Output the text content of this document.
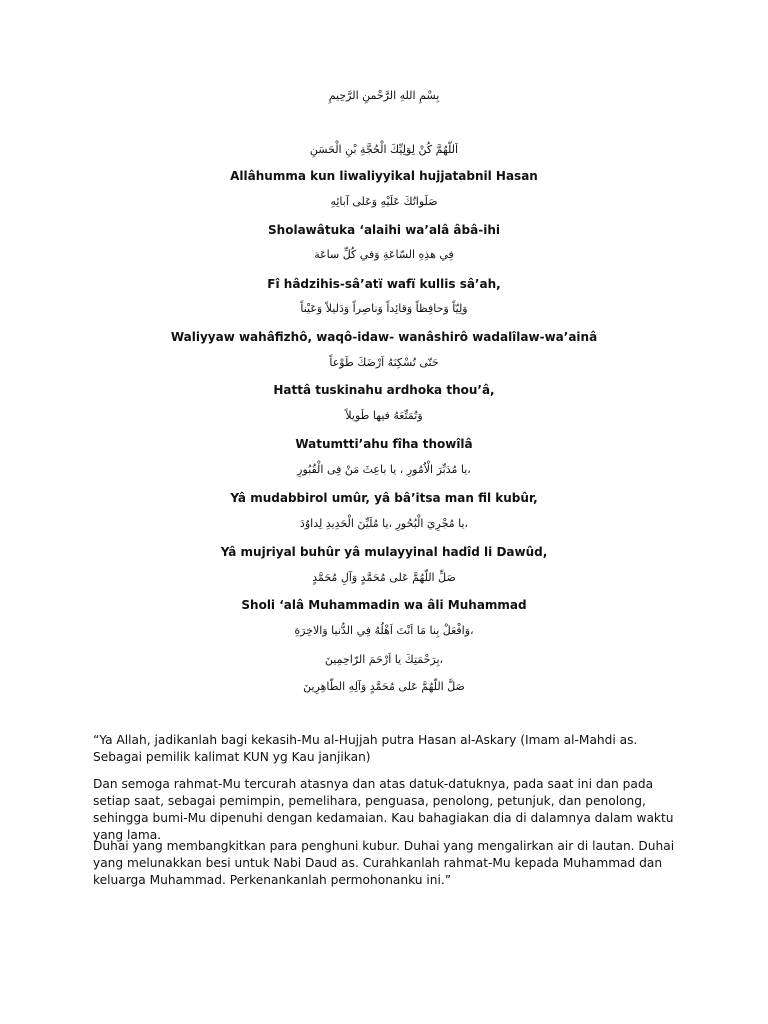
بِسْمِ اللهِ الرَّحْمنِ الرَّحِيمِ
اَللّهُمَّ كُنْ لِوَلِيِّكَ الْحُجَّةِ بْنِ الْحَسَنِ
Allâhumma kun liwaliyyikal hujjatabnil Hasan
صَلَواتُكَ عَلَيْهِ وَعَلى آبائِهِ
Sholawâtuka ‘alaihi wa’alâ âbâ-ihi
فِي هذِهِ السّاعَةِ وَفي كُلِّ ساعَة
Fî hâdzihis-sâ’atï wafï kullis sâ’ah,
وَلِيّاً وَحافِظاً وَقائِداً وَناصِراً وَدَليلاً وَعَيْناً
Waliyyaw wahâfizhô, waqô-idaw- wanâshirô wadalîlaw-wa’ainâ
حَتّى تُسْكِنَهُ اَرْضَكَ طَوْعاً
Hattâ tuskinahu ardhoka thou’â,
وَتُمَتِّعَهُ فيها طَويلاً
Watumtti’ahu fîha thowîlâ
،يا مُدَبِّرَ الْاُمُورِ ، يا باعِثَ مَنْ فِى الْقُبُورِ
Yâ mudabbirol umûr, yâ bâ’itsa man fil kubûr,
،يا مُجْرِيَ الْبُحُورِ ،يا مُلَيِّنَ الْحَدِيدِ لِداوُدَ
Yâ mujriyal buhûr yâ mulayyinal hadîd li Dawûd,
صَلِّ اللّهُمَّ عَلى مُحَمَّدٍ وَآلِ مُحَمَّدٍ
Sholi ‘alâ Muhammadin wa âli Muhammad
،وَافْعَلْ بِنا مَا اَنْتَ اَهْلُهُ فِي الدُّنيا وَالاخِرَةِ
،بِرَحْمَتِكَ يا اَرْحَمَ الرّاحِمِينَ
صَلَّ اللّهُمَّ عَلى مُحَمَّدٍ وَآلِهِ الطّاهِرِينَ

“Ya Allah, jadikanlah bagi kekasih-Mu al-Hujjah putra Hasan al-Askary (Imam al-Mahdi as. Sebagai pemilik kalimat KUN yg Kau janjikan)

Dan semoga rahmat-Mu tercurah atasnya dan atas datuk-datuknya, pada saat ini dan pada setiap saat, sebagai pemimpin, pemelihara, penguasa, penolong, petunjuk, dan penolong, sehingga bumi-Mu dipenuhi dengan kedamaian. Kau bahagiakan dia di dalamnya dalam waktu yang lama.

Duhai yang membangkitkan para penghuni kubur. Duhai yang mengalirkan air di lautan. Duhai yang melunakkan besi untuk Nabi Daud as. Curahkanlah rahmat-Mu kepada Muhammad dan keluarga Muhammad. Perkenankanlah permohonanku ini.”
